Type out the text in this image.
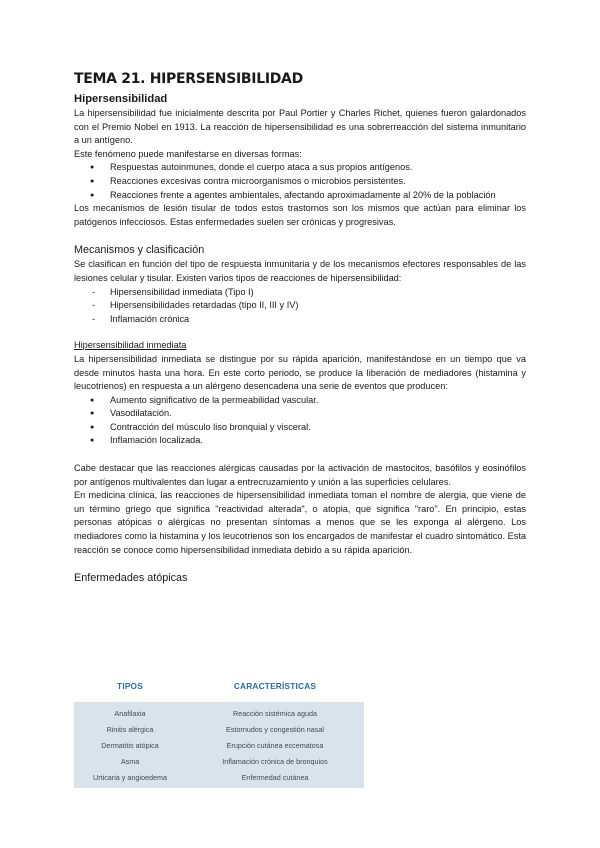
TEMA 21. HIPERSENSIBILIDAD
Hipersensibilidad

La hipersensibilidad fue inicialmente descrita por Paul Portier y Charles Richet, quienes fueron galardonados con el Premio Nobel en 1913. La reacción de hipersensibilidad es una sobrerreacción del sistema inmunitario a un antígeno.

Este fenómeno puede manifestarse en diversas formas:

● Respuestas autoinmunes, donde el cuerpo ataca a sus propios antígenos.
● Reacciones excesivas contra microorganismos o microbios persistentes.
● Reacciones frente a agentes ambientales, afectando aproximadamente al 20% de la población

Los mecanismos de lesión tisular de todos estos trastornos son los mismos que actúan para eliminar los patógenos infecciosos. Estas enfermedades suelen ser crónicas y progresivas.

Mecanismos y clasificación

Se clasifican en función del tipo de respuesta inmunitaria y de los mecanismos efectores responsables de las lesiones celular y tisular. Existen varios tipos de reacciones de hipersensibilidad:

- Hipersensibilidad inmediata (Tipo I)
- Hipersensibilidades retardadas (tipo II, III y IV)
- Inflamación crónica

Hipersensibilidad inmediata

La hipersensibilidad inmediata se distingue por su rápida aparición, manifestándose en un tiempo que va desde minutos hasta una hora. En este corto periodo, se produce la liberación de mediadores (histamina y leucotrienos) en respuesta a un alérgeno desencadena una serie de eventos que producen:

● Aumento significativo de la permeabilidad vascular.
● Vasodilatación.
● Contracción del músculo liso bronquial y visceral.
● Inflamación localizada.

Cabe destacar que las reacciones alérgicas causadas por la activación de mastocitos, basófilos y eosinófilos por antígenos multivalentes dan lugar a entrecruzamiento y unión a las superficies celulares.

En medicina clínica, las reacciones de hipersensibilidad inmediata toman el nombre de alergia, que viene de un término griego que significa "reactividad alterada", o atopia, que significa "raro". En principio, estas personas atópicas o alérgicas no presentan síntomas a menos que se les exponga al alérgeno. Los mediadores como la histamina y los leucotrienos son los encargados de manifestar el cuadro sintomático. Esta reacción se conoce como hipersensibilidad inmediata debido a su rápida aparición.

Enfermedades atópicas

TIPOS	CARACTERÍSTICAS
Anafilaxia	Reacción sistémica aguda
Rinitis alérgica	Estornudos y congestión nasal
Dermatitis atópica	Erupción cutánea eccematosa
Asma	Inflamación crónica de bronquios
Urticaria y angioedema	Enfermedad cutánea
